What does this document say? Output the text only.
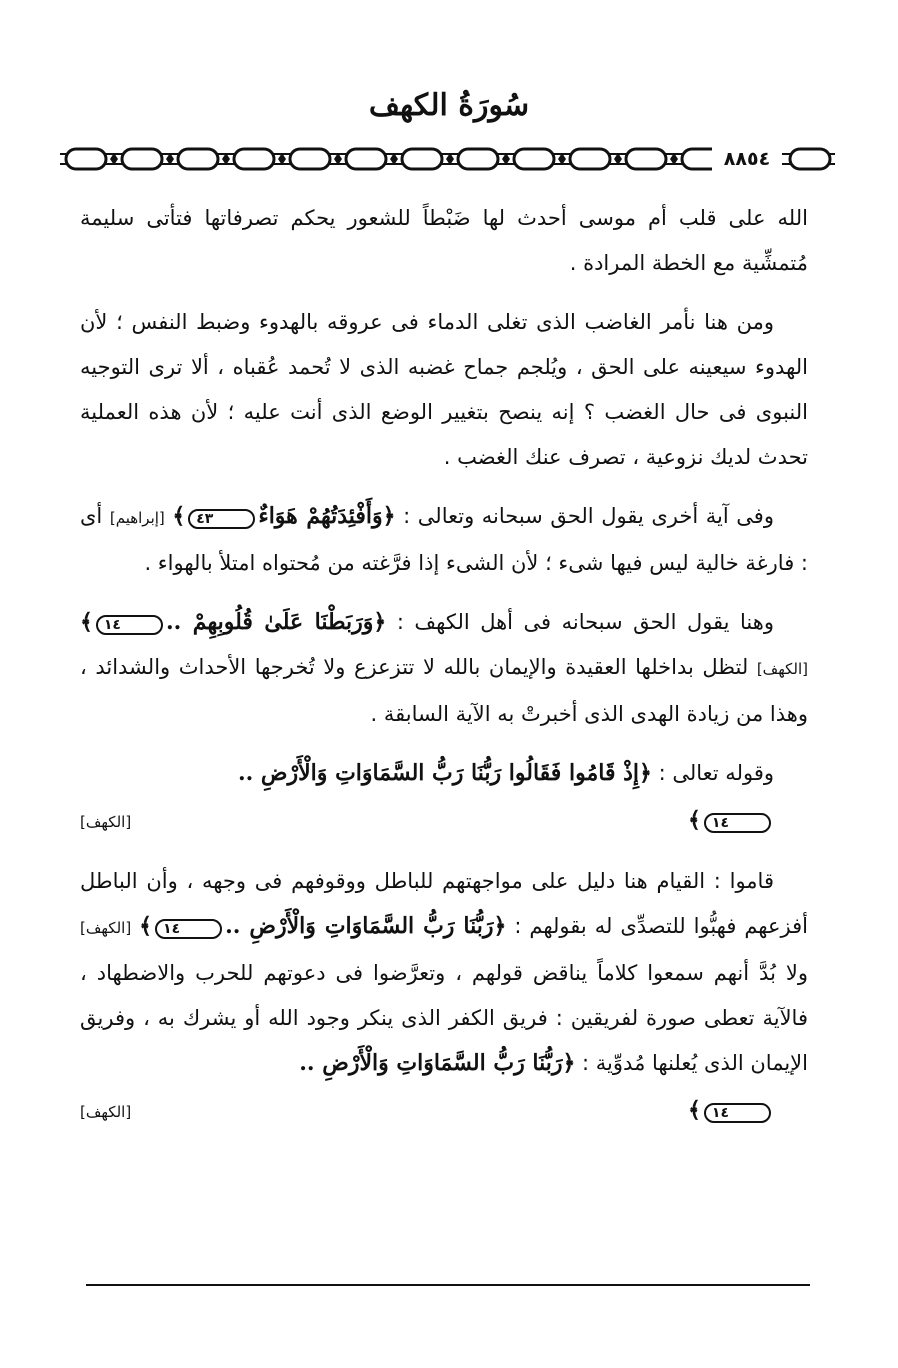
سُورَةُ الكهف
٨٨٥٤

الله على قلب أم موسى أحدث لها ضَبْطاً للشعور يحكم تصرفاتها فتأتى سليمة مُتمشِّية مع الخطة المرادة .

ومن هنا نأمر الغاضب الذى تغلى الدماء فى عروقه بالهدوء وضبط النفس ؛ لأن الهدوء سيعينه على الحق ، ويُلجم جماح غضبه الذى لا تُحمد عُقباه ، ألا ترى التوجيه النبوى فى حال الغضب ؟ إنه ينصح بتغيير الوضع الذى أنت عليه ؛ لأن هذه العملية تحدث لديك نزوعية ، تصرف عنك الغضب .

وفى آية أخرى يقول الحق سبحانه وتعالى : ﴿وَأَفْئِدَتُهُمْ هَوَاءٌ٤٣﴾ [إبراهيم] أى : فارغة خالية ليس فيها شىء ؛ لأن الشىء إذا فرَّغته من مُحتواه امتلأ بالهواء .

وهنا يقول الحق سبحانه فى أهل الكهف : ﴿وَرَبَطْنَا عَلَىٰ قُلُوبِهِمْ ..١٤﴾ [الكهف] لتظل بداخلها العقيدة والإيمان بالله لا تتزعزع ولا تُخرجها الأحداث والشدائد ، وهذا من زيادة الهدى الذى أخبرتْ به الآية السابقة .

وقوله تعالى : ﴿إِذْ قَامُوا فَقَالُوا رَبُّنَا رَبُّ السَّمَاوَاتِ وَالْأَرْضِ ..

١٤﴾
[الكهف]

قاموا : القيام هنا دليل على مواجهتهم للباطل ووقوفهم فى وجهه ، وأن الباطل أفزعهم فهبُّوا للتصدِّى له بقولهم : ﴿رَبُّنَا رَبُّ السَّمَاوَاتِ وَالْأَرْضِ ..١٤﴾ [الكهف] ولا بُدَّ أنهم سمعوا كلاماً يناقض قولهم ، وتعرَّضوا فى دعوتهم للحرب والاضطهاد ، فالآية تعطى صورة لفريقين : فريق الكفر الذى ينكر وجود الله أو يشرك به ، وفريق الإيمان الذى يُعلنها مُدوِّية : ﴿رَبُّنَا رَبُّ السَّمَاوَاتِ وَالْأَرْضِ ..

١٤﴾
[الكهف]
